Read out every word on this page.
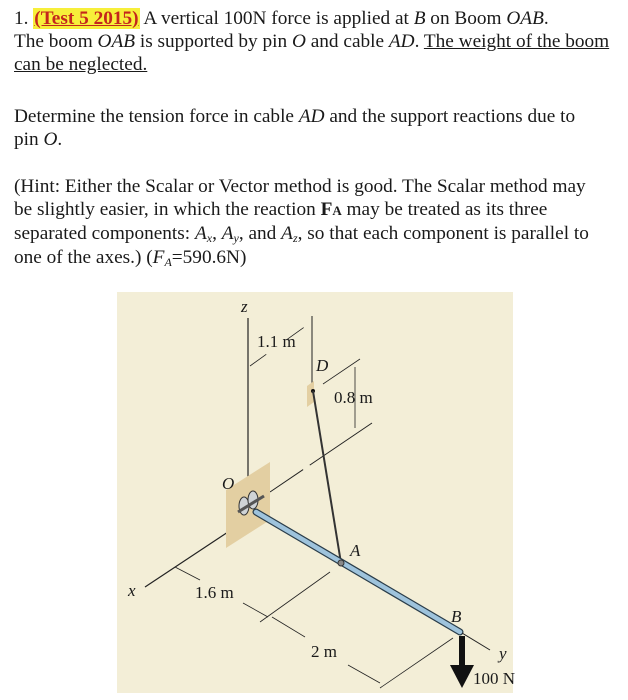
1. (Test 5 2015) A vertical 100N force is applied at B on Boom OAB.
The boom OAB is supported by pin O and cable AD. The weight of the boom can be neglected.
Determine the tension force in cable AD and the support reactions due to pin O.
(Hint: Either the Scalar or Vector method is good. The Scalar method may be slightly easier, in which the reaction FA may be treated as its three separated components: $A_x$, $A_y$, and $A_z$, so that each component is parallel to one of the axes.) $(F_A=590.6N)$
z
1.1 m
D
0.8 m
x
O
A
B
y
1.6 m
2 m
100 N
